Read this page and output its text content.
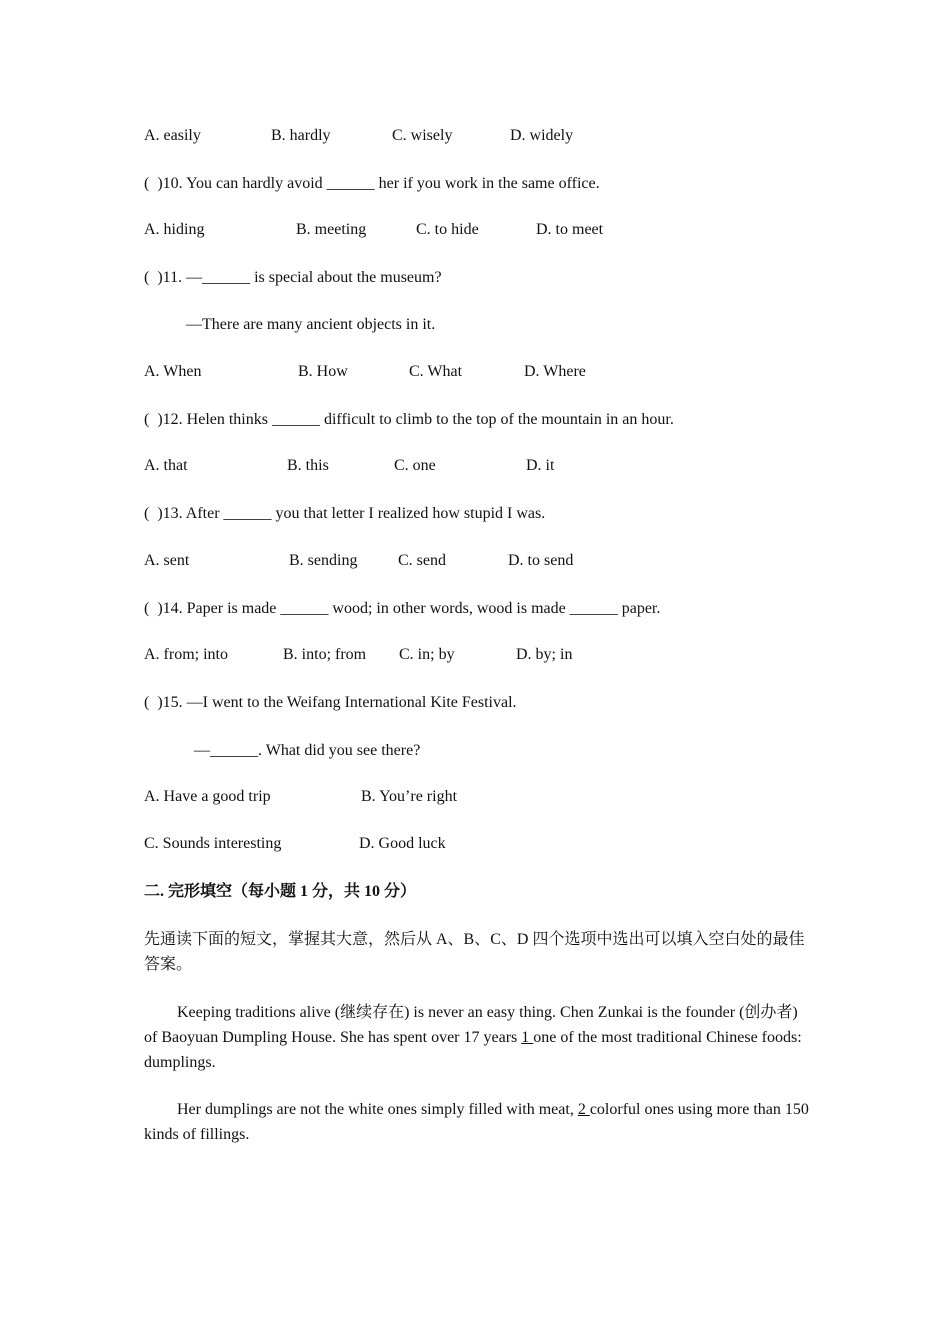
A. easily	B. hardly	C. wisely	D. widely
(  )10. You can hardly avoid ______ her if you work in the same office.
A. hiding	B. meeting	C. to hide	D. to meet
(  )11. —______ is special about the museum?
—There are many ancient objects in it.
A. When	B. How	C. What	D. Where
(  )12. Helen thinks ______ difficult to climb to the top of the mountain in an hour.
A. that	B. this	C. one	D. it
(  )13. After ______ you that letter I realized how stupid I was.
A. sent	B. sending	C. send	D. to send
(  )14. Paper is made ______ wood; in other words, wood is made ______ paper.
A. from; into	B. into; from C. in; by	D. by; in
(  )15. —I went to the Weifang International Kite Festival.
—______. What did you see there?
A. Have a good trip	B. You’re right
C. Sounds interesting	D. Good luck
二. 完形填空（每小题 1 分，共 10 分）
先通读下面的短文，掌握其大意，然后从 A、B、C、D 四个选项中选出可以填入空白处的最佳答案。
Keeping traditions alive (继续存在) is never an easy thing. Chen Zunkai is the founder (创办者) of Baoyuan Dumpling House. She has spent over 17 years 1 one of the most traditional Chinese foods: dumplings.
Her dumplings are not the white ones simply filled with meat, 2 colorful ones using more than 150 kinds of fillings.
